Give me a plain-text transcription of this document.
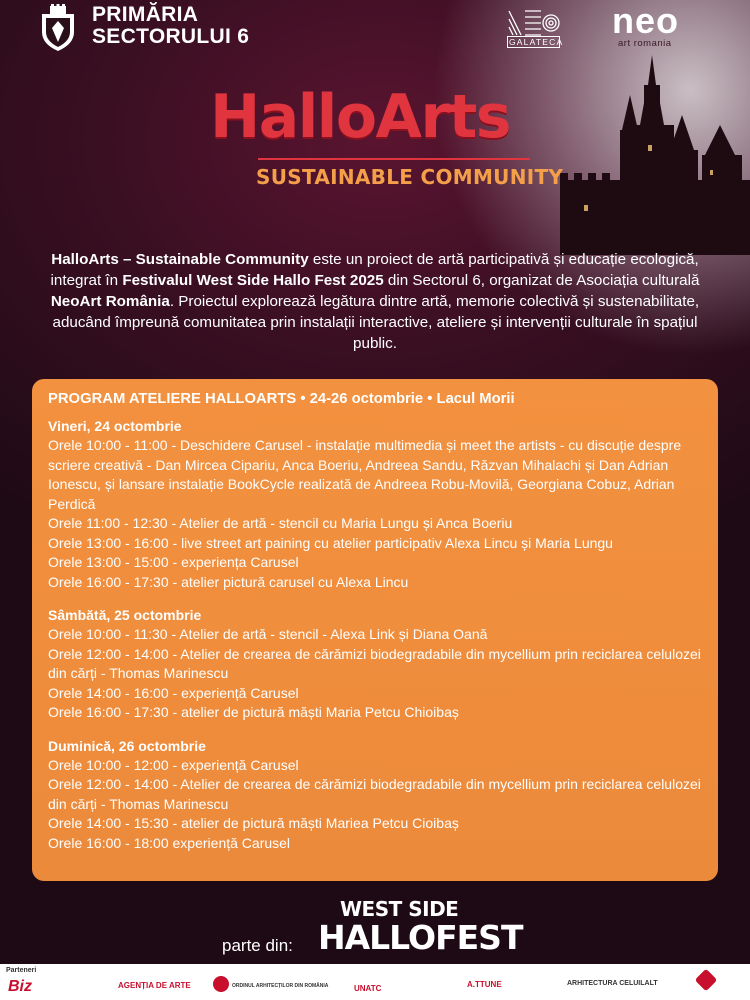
PRIMĂRIA
SECTORULUI 6	GALATECA
neo
art romania
HalloArts
SUSTAINABLE COMMUNITY
HalloArts – Sustainable Community este un proiect de artă participativă și educație ecologică, integrat în Festivalul West Side Hallo Fest 2025 din Sectorul 6, organizat de Asociația culturală NeoArt România. Proiectul explorează legătura dintre artă, memorie colectivă și sustenabilitate, aducând împreună comunitatea prin instalații interactive, ateliere și intervenții culturale în spațiul public.
PROGRAM ATELIERE HALLOARTS • 24-26 octombrie • Lacul Morii
Vineri, 24 octombrie
Orele 10:00 - 11:00 - Deschidere Carusel - instalație multimedia și meet the artists - cu discuție despre scriere creativă - Dan Mircea Cipariu, Anca Boeriu, Andreea Sandu, Răzvan Mihalachi și Dan Adrian Ionescu, și lansare instalație BookCycle realizată de Andreea Robu-Movilă, Georgiana Cobuz, Adrian Perdică
Orele 11:00 - 12:30 - Atelier de artă - stencil cu Maria Lungu și Anca Boeriu
Orele 13:00 - 16:00 - live street art paining cu atelier participativ Alexa Lincu și Maria Lungu
Orele 13:00 - 15:00 - experiența Carusel
Orele 16:00 - 17:30 - atelier pictură carusel cu Alexa Lincu
Sâmbătă, 25 octombrie
Orele 10:00 - 11:30 - Atelier de artă - stencil - Alexa Link și Diana Oană
Orele 12:00 - 14:00 - Atelier de crearea de cărămizi biodegradabile din mycellium prin reciclarea celulozei din cărți - Thomas Marinescu
Orele 14:00 - 16:00 - experiență Carusel
Orele 16:00 - 17:30 - atelier de pictură măști Maria Petcu Chioibaș
Duminică, 26 octombrie
Orele 10:00 - 12:00 - experiență Carusel
Orele 12:00 - 14:00 - Atelier de crearea de cărămizi biodegradabile din mycellium prin reciclarea celulozei din cărți - Thomas Marinescu
Orele 14:00 - 15:30 - atelier de pictură măști Mariea Petcu Cioibaș
Orele 16:00 - 18:00 experiență Carusel
WEST SIDE
parte din: HALLOFEST
Parteneri
Biz	AGENȚIA DE ARTE	ORDINUL ARHITECȚILOR DIN ROMÂNIA	UNATC	A.TTUNE	ARHITECTURA CELUILALT
